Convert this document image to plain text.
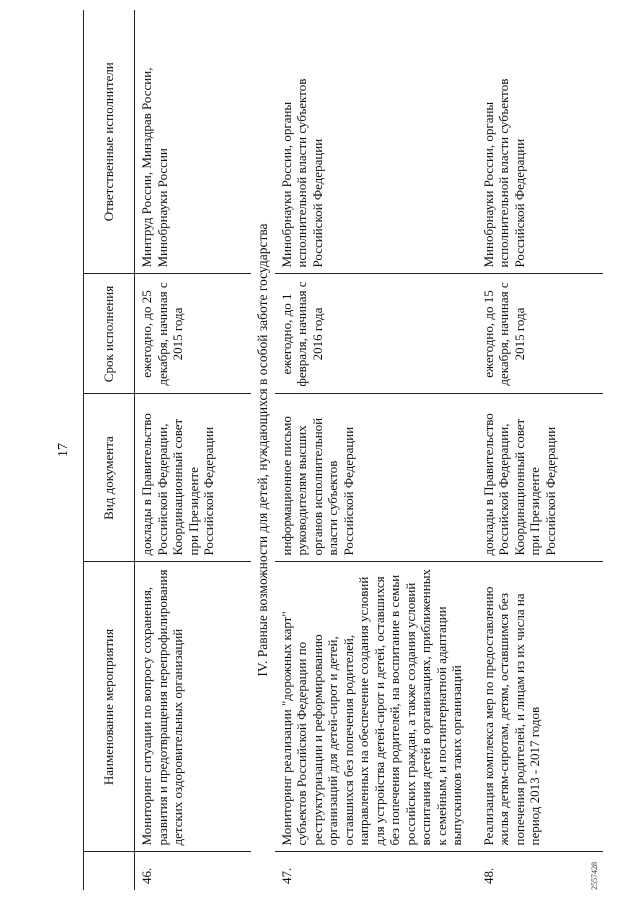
17
	Наименование мероприятия	Вид документа	Срок исполнения	Ответственные исполнители
46.	Мониторинг ситуации по вопросу сохранения, развития и предотвращения перепрофилирования детских оздоровительных организаций	доклады в Правительство Российской Федерации, Координационный совет при Президенте Российской Федерации	ежегодно, до 25 декабря, начиная с 2015 года	Минтруд России, Минздрав России, Минобрнауки России
IV. Равные возможности для детей, нуждающихся в особой заботе государства				
47.	Мониторинг реализации "дорожных карт" субъектов Российской Федерации по реструктуризации и реформированию организаций для детей-сирот и детей, оставшихся без попечения родителей, направленных на обеспечение создания условий для устройства детей-сирот и детей, оставшихся без попечения родителей, на воспитание в семьи российских граждан, а также создания условий воспитания детей в организациях, приближенных к семейным, и постинтернатной адаптации выпускников таких организаций	информационное письмо руководителям высших органов исполнительной власти субъектов Российской Федерации	ежегодно, до 1 февраля, начиная с 2016 года	Минобрнауки России, органы исполнительной власти субъектов Российской Федерации
48.	Реализация комплекса мер по предоставлению жилья детям-сиротам, детям, оставшимся без попечения родителей, и лицам из их числа на период 2013 - 2017 годов	доклады в Правительство Российской Федерации, Координационный совет при Президенте Российской Федерации	ежегодно, до 15 декабря, начиная с 2015 года	Минобрнауки России, органы исполнительной власти субъектов Российской Федерации
2557428
